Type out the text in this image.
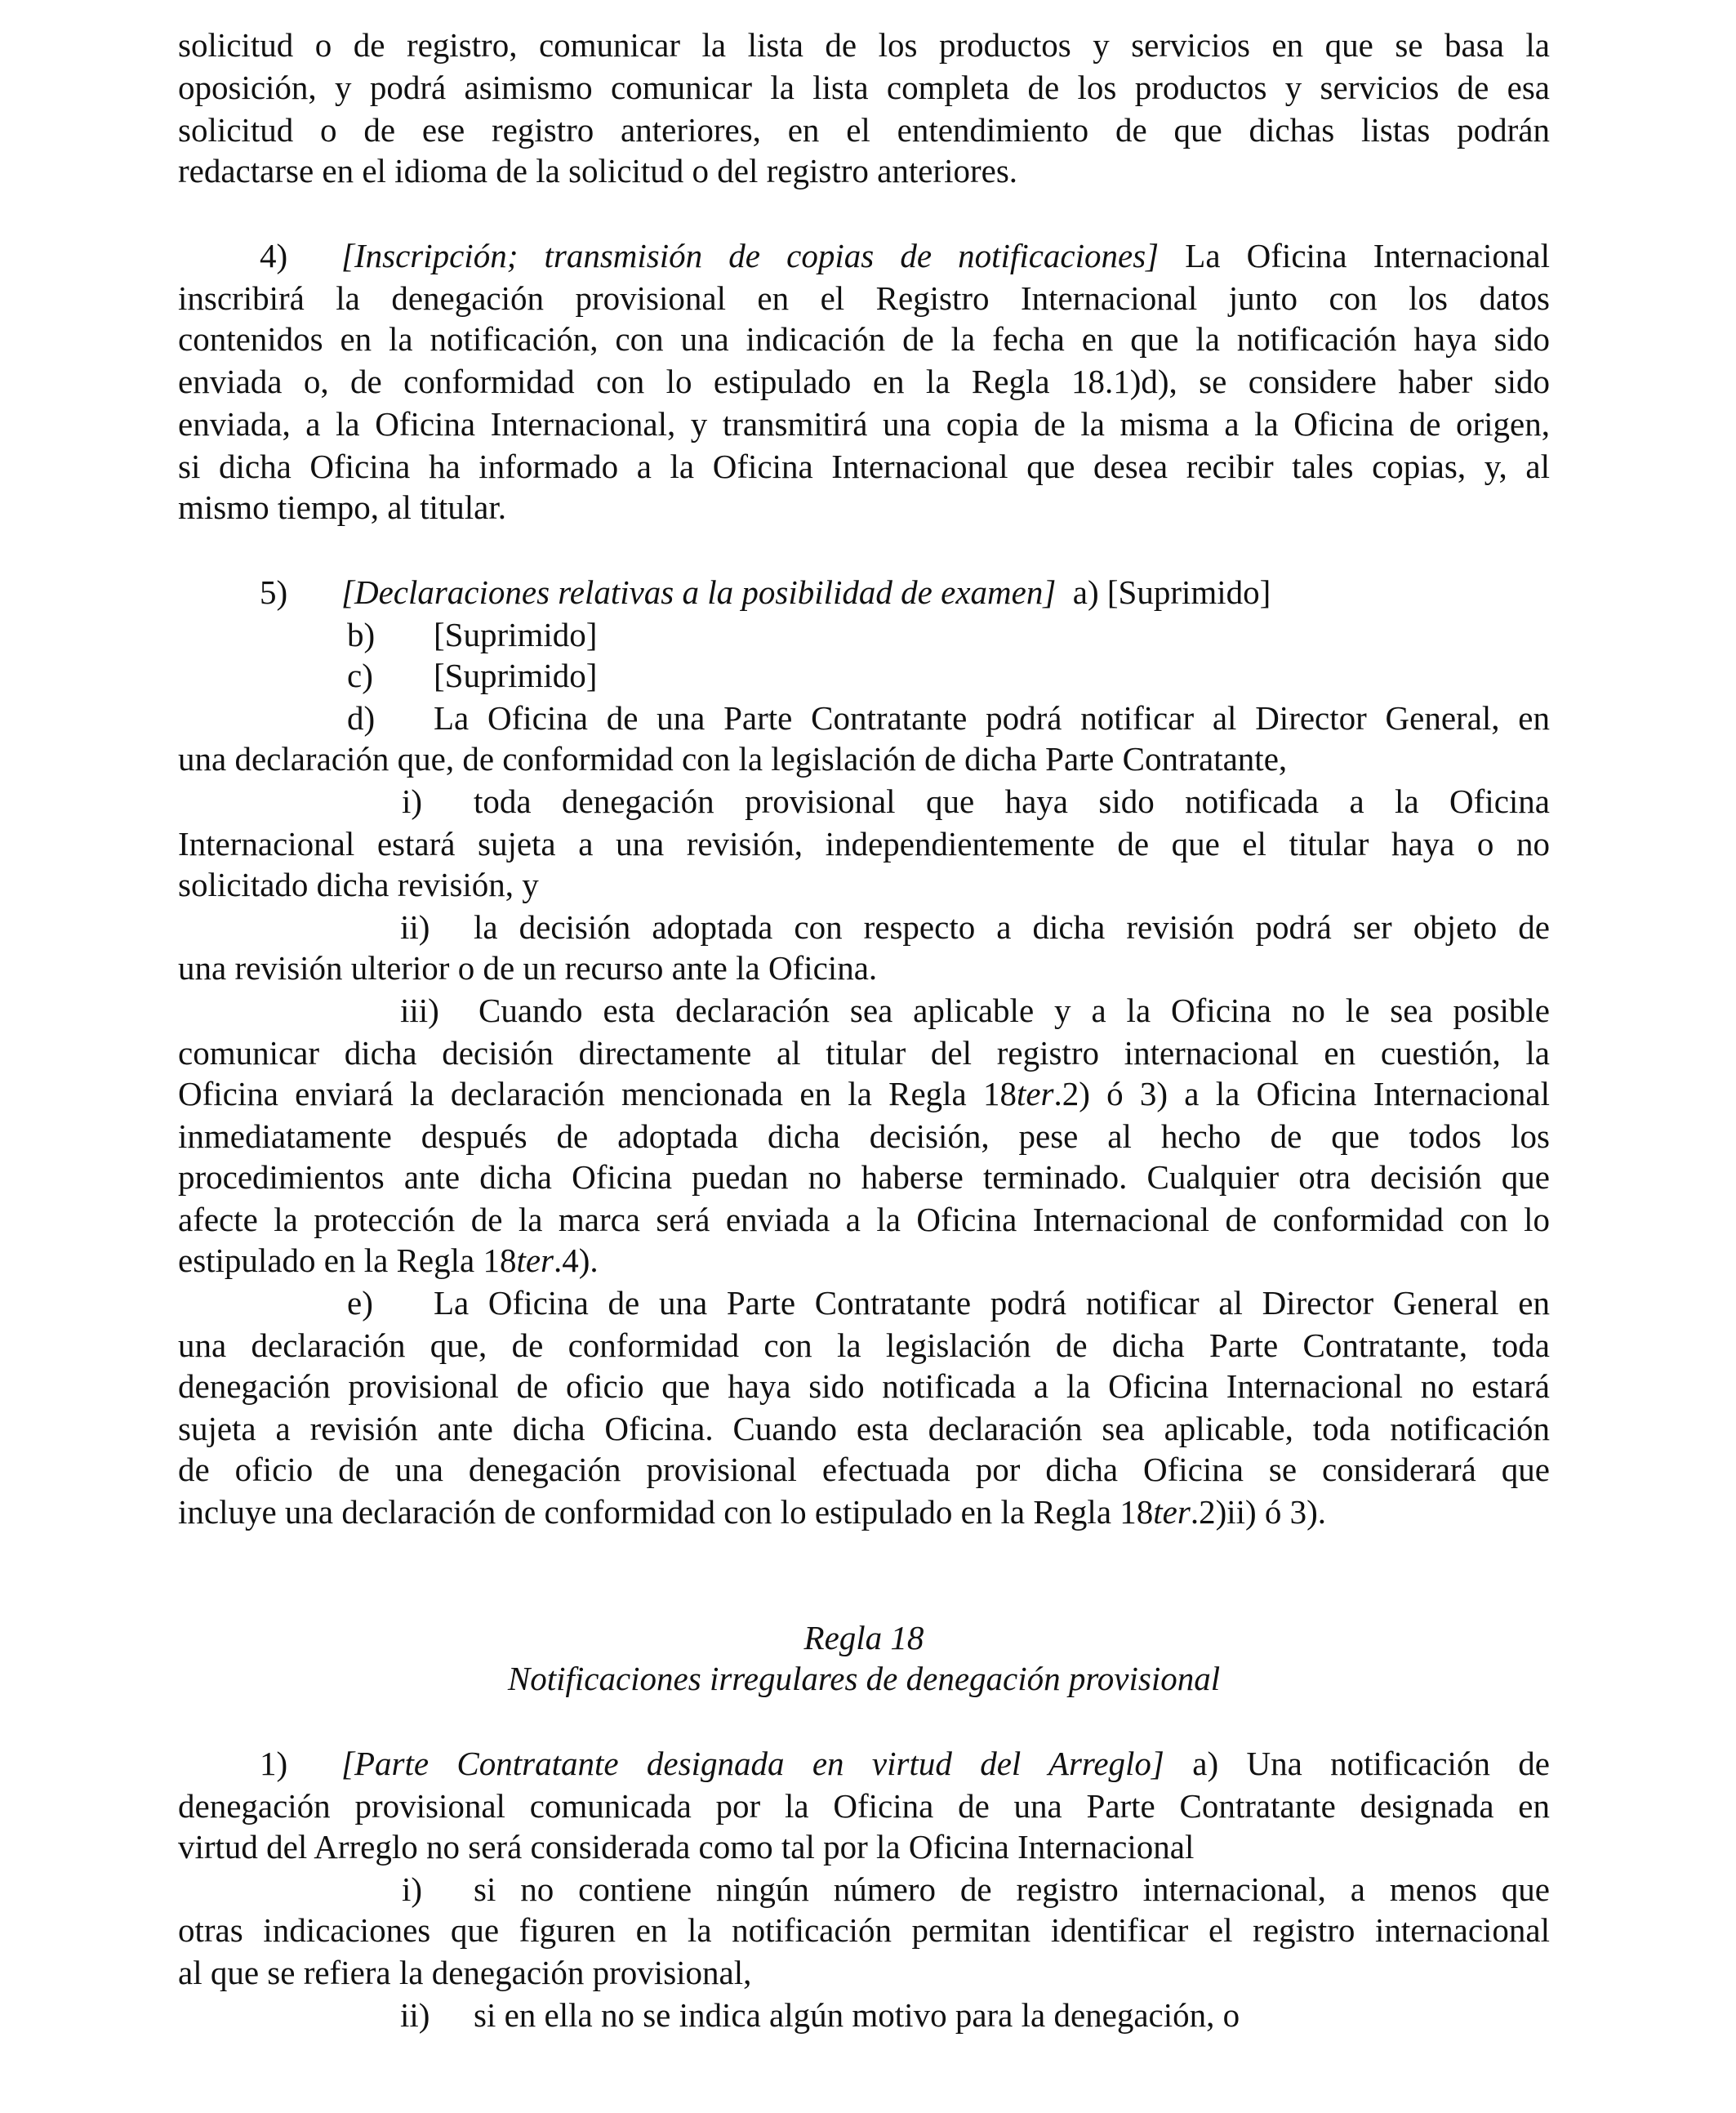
solicitud o de registro, comunicar la lista de los productos y servicios en que se basa la
oposición, y podrá asimismo comunicar la lista completa de los productos y servicios de esa
solicitud o de ese registro anteriores, en el entendimiento de que dichas listas podrán
redactarse en el idioma de la solicitud o del registro anteriores.
4) [Inscripción; transmisión de copias de notificaciones] La Oficina Internacional
inscribirá la denegación provisional en el Registro Internacional junto con los datos
contenidos en la notificación, con una indicación de la fecha en que la notificación haya sido
enviada o, de conformidad con lo estipulado en la Regla 18.1)d), se considere haber sido
enviada, a la Oficina Internacional, y transmitirá una copia de la misma a la Oficina de origen,
si dicha Oficina ha informado a la Oficina Internacional que desea recibir tales copias, y, al
mismo tiempo, al titular.
5) [Declaraciones relativas a la posibilidad de examen] a) [Suprimido]
b) [Suprimido]
c) [Suprimido]
d) La Oficina de una Parte Contratante podrá notificar al Director General, en
una declaración que, de conformidad con la legislación de dicha Parte Contratante,
i) toda denegación provisional que haya sido notificada a la Oficina
Internacional estará sujeta a una revisión, independientemente de que el titular haya o no
solicitado dicha revisión, y
ii) la decisión adoptada con respecto a dicha revisión podrá ser objeto de
una revisión ulterior o de un recurso ante la Oficina.
iii) Cuando esta declaración sea aplicable y a la Oficina no le sea posible
comunicar dicha decisión directamente al titular del registro internacional en cuestión, la
Oficina enviará la declaración mencionada en la Regla 18ter.2) ó 3) a la Oficina Internacional
inmediatamente después de adoptada dicha decisión, pese al hecho de que todos los
procedimientos ante dicha Oficina puedan no haberse terminado. Cualquier otra decisión que
afecte la protección de la marca será enviada a la Oficina Internacional de conformidad con lo
estipulado en la Regla 18ter.4).
e) La Oficina de una Parte Contratante podrá notificar al Director General en
una declaración que, de conformidad con la legislación de dicha Parte Contratante, toda
denegación provisional de oficio que haya sido notificada a la Oficina Internacional no estará
sujeta a revisión ante dicha Oficina. Cuando esta declaración sea aplicable, toda notificación
de oficio de una denegación provisional efectuada por dicha Oficina se considerará que
incluye una declaración de conformidad con lo estipulado en la Regla 18ter.2)ii) ó 3).
Regla 18
Notificaciones irregulares de denegación provisional
1) [Parte Contratante designada en virtud del Arreglo] a) Una notificación de
denegación provisional comunicada por la Oficina de una Parte Contratante designada en
virtud del Arreglo no será considerada como tal por la Oficina Internacional
i) si no contiene ningún número de registro internacional, a menos que
otras indicaciones que figuren en la notificación permitan identificar el registro internacional
al que se refiera la denegación provisional,
ii) si en ella no se indica algún motivo para la denegación, o
